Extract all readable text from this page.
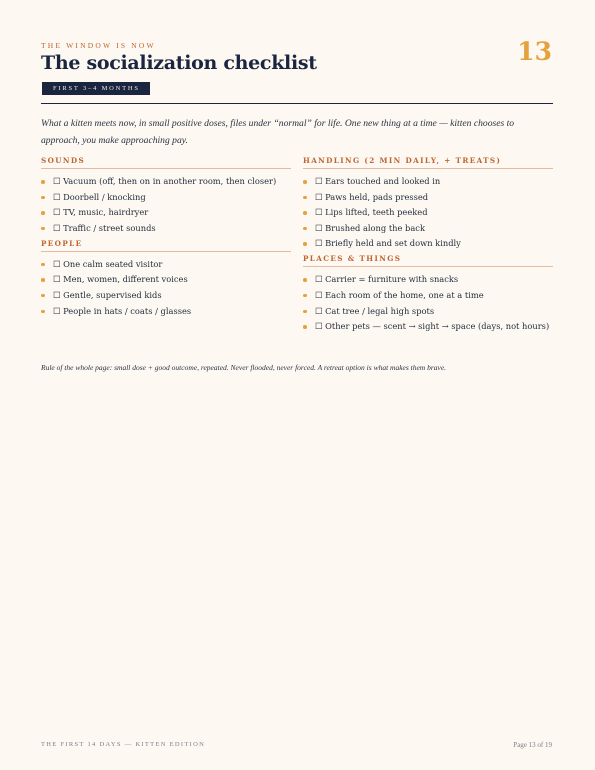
THE WINDOW IS NOW
The socialization checklist	13
FIRST 3–4 MONTHS

What a kitten meets now, in small positive doses, files under “normal” for life. One new thing at a time — kitten chooses to approach, you make approaching pay.

SOUNDS
☐ Vacuum (off, then on in another room, then closer)
☐ Doorbell / knocking
☐ TV, music, hairdryer
☐ Traffic / street sounds
PEOPLE
☐ One calm seated visitor
☐ Men, women, different voices
☐ Gentle, supervised kids
☐ People in hats / coats / glasses
HANDLING (2 MIN DAILY, + TREATS)
☐ Ears touched and looked in
☐ Paws held, pads pressed
☐ Lips lifted, teeth peeked
☐ Brushed along the back
☐ Briefly held and set down kindly
PLACES & THINGS
☐ Carrier = furniture with snacks
☐ Each room of the home, one at a time
☐ Cat tree / legal high spots
☐ Other pets — scent → sight → space (days, not hours)

Rule of the whole page: small dose + good outcome, repeated. Never flooded, never forced. A retreat option is what makes them brave.

THE FIRST 14 DAYS — KITTEN EDITION	Page 13 of 19
